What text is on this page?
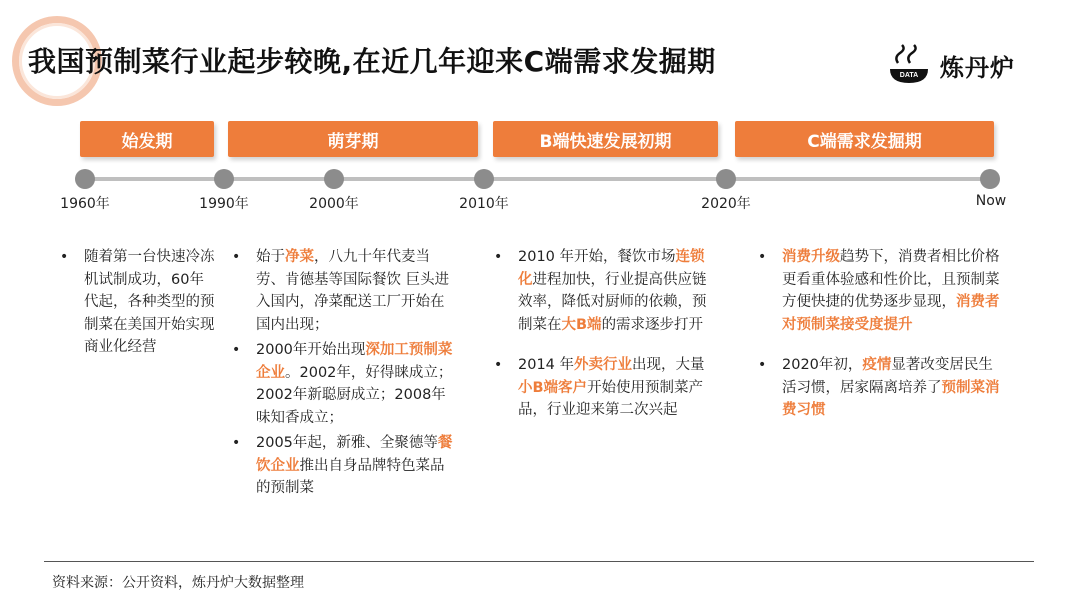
我国预制菜行业起步较晚,在近几年迎来C端需求发掘期	DATA 炼丹炉
始发期	萌芽期	B端快速发展初期	C端需求发掘期
1960年	1990年	2000年	2010年	2020年	Now
• 随着第一台快速冷冻机试制成功，60年代起，各种类型的预制菜在美国开始实现商业化经营
• 始于净菜，八九十年代麦当劳、肯德基等国际餐饮 巨头进入国内，净菜配送工厂开始在国内出现；
• 2000年开始出现深加工预制菜企业。2002年，好得睐成立；2002年新聪厨成立；2008年味知香成立；
• 2005年起，新雅、全聚德等餐饮企业推出自身品牌特色菜品的预制菜
• 2010 年开始，餐饮市场连锁化进程加快，行业提高供应链效率，降低对厨师的依赖，预制菜在大B端的需求逐步打开
• 2014 年外卖行业出现，大量小B端客户开始使用预制菜产品，行业迎来第二次兴起
• 消费升级趋势下，消费者相比价格更看重体验感和性价比，且预制菜方便快捷的优势逐步显现，消费者对预制菜接受度提升
• 2020年初，疫情显著改变居民生活习惯，居家隔离培养了预制菜消费习惯
资料来源：公开资料，炼丹炉大数据整理
